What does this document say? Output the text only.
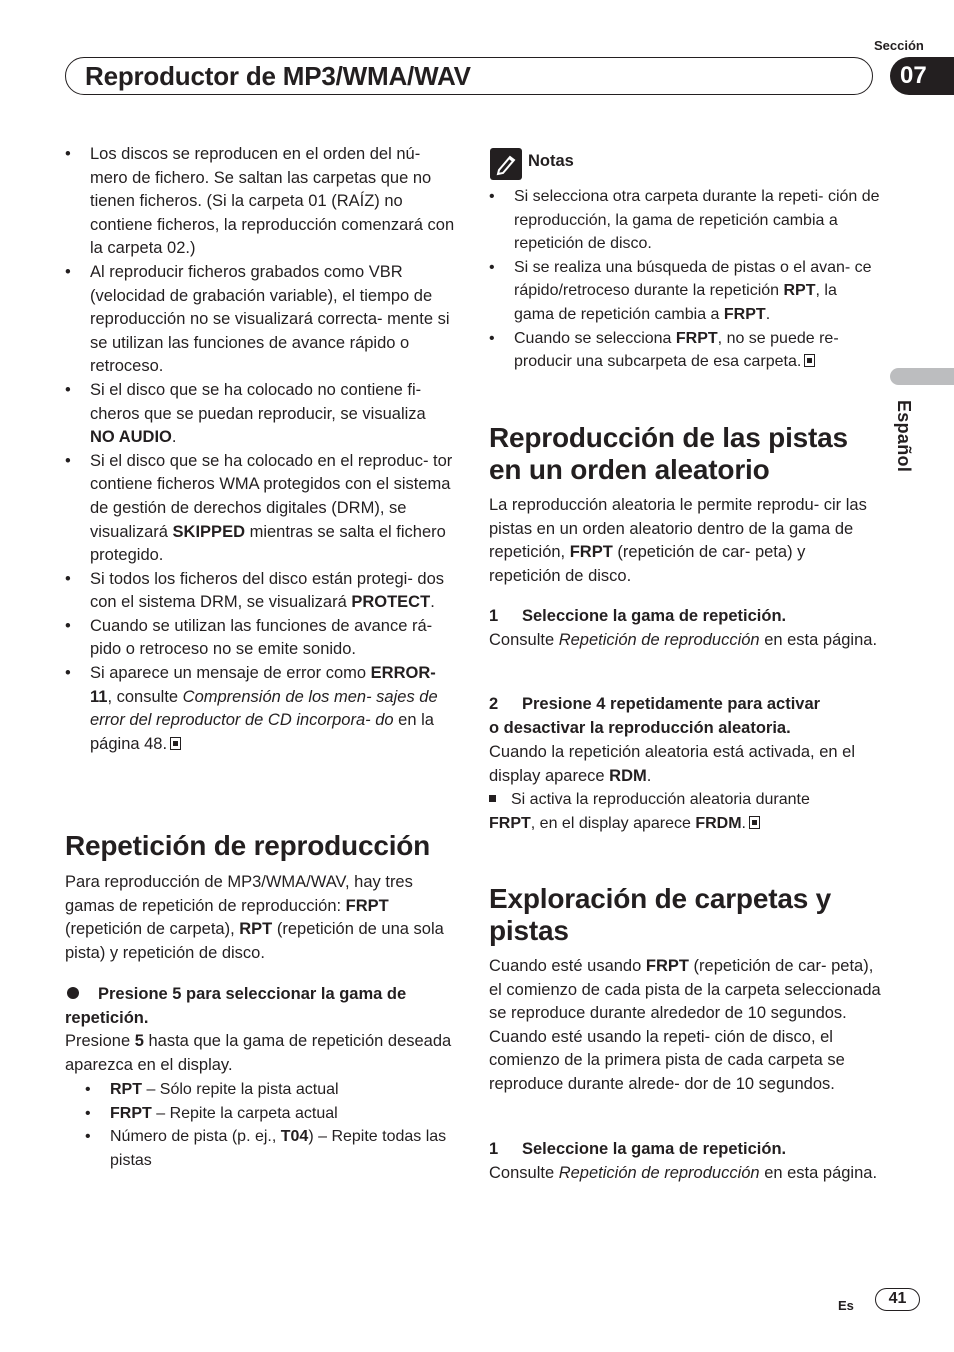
Sección
Reproductor de MP3/WMA/WAV	07
Español
• Los discos se reproducen en el orden del nú- mero de fichero. Se saltan las carpetas que no tienen ficheros. (Si la carpeta 01 (RAÍZ) no contiene ficheros, la reproducción comenzará con la carpeta 02.)
• Al reproducir ficheros grabados como VBR (velocidad de grabación variable), el tiempo de reproducción no se visualizará correcta- mente si se utilizan las funciones de avance rápido o retroceso.
• Si el disco que se ha colocado no contiene fi- cheros que se puedan reproducir, se visualiza NO AUDIO.
• Si el disco que se ha colocado en el reproduc- tor contiene ficheros WMA protegidos con el sistema de gestión de derechos digitales (DRM), se visualizará SKIPPED mientras se salta el fichero protegido.
• Si todos los ficheros del disco están protegi- dos con el sistema DRM, se visualizará PROTECT.
• Cuando se utilizan las funciones de avance rá- pido o retroceso no se emite sonido.
• Si aparece un mensaje de error como ERROR-11, consulte Comprensión de los men- sajes de error del reproductor de CD incorpora- do en la página 48.
Repetición de reproducción

Para reproducción de MP3/WMA/WAV, hay tres gamas de repetición de reproducción: FRPT (repetición de carpeta), RPT (repetición de una sola pista) y repetición de disco.

Presione 5 para seleccionar la gama de repetición.

Presione 5 hasta que la gama de repetición deseada aparezca en el display.

• RPT – Sólo repite la pista actual
• FRPT – Repite la carpeta actual
• Número de pista (p. ej., T04) – Repite todas las pistas
Notas
• Si selecciona otra carpeta durante la repeti- ción de reproducción, la gama de repetición cambia a repetición de disco.
• Si se realiza una búsqueda de pistas o el avan- ce rápido/retroceso durante la repetición RPT, la gama de repetición cambia a FRPT.
• Cuando se selecciona FRPT, no se puede re- producir una subcarpeta de esa carpeta.
Reproducción de las pistas
en un orden aleatorio

La reproducción aleatoria le permite reprodu- cir las pistas en un orden aleatorio dentro de la gama de repetición, FRPT (repetición de car- peta) y repetición de disco.

1 Seleccione la gama de repetición.

Consulte Repetición de reproducción en esta página.

2 Presione 4 repetidamente para activar
o desactivar la reproducción aleatoria.

Cuando la repetición aleatoria está activada, en el display aparece RDM.

Si activa la reproducción aleatoria durante
FRPT, en el display aparece FRDM.

Exploración de carpetas y
pistas

Cuando esté usando FRPT (repetición de car- peta), el comienzo de cada pista de la carpeta seleccionada se reproduce durante alrededor de 10 segundos. Cuando esté usando la repeti- ción de disco, el comienzo de la primera pista de cada carpeta se reproduce durante alrede- dor de 10 segundos.

1 Seleccione la gama de repetición.

Consulte Repetición de reproducción en esta página.

Es	41
